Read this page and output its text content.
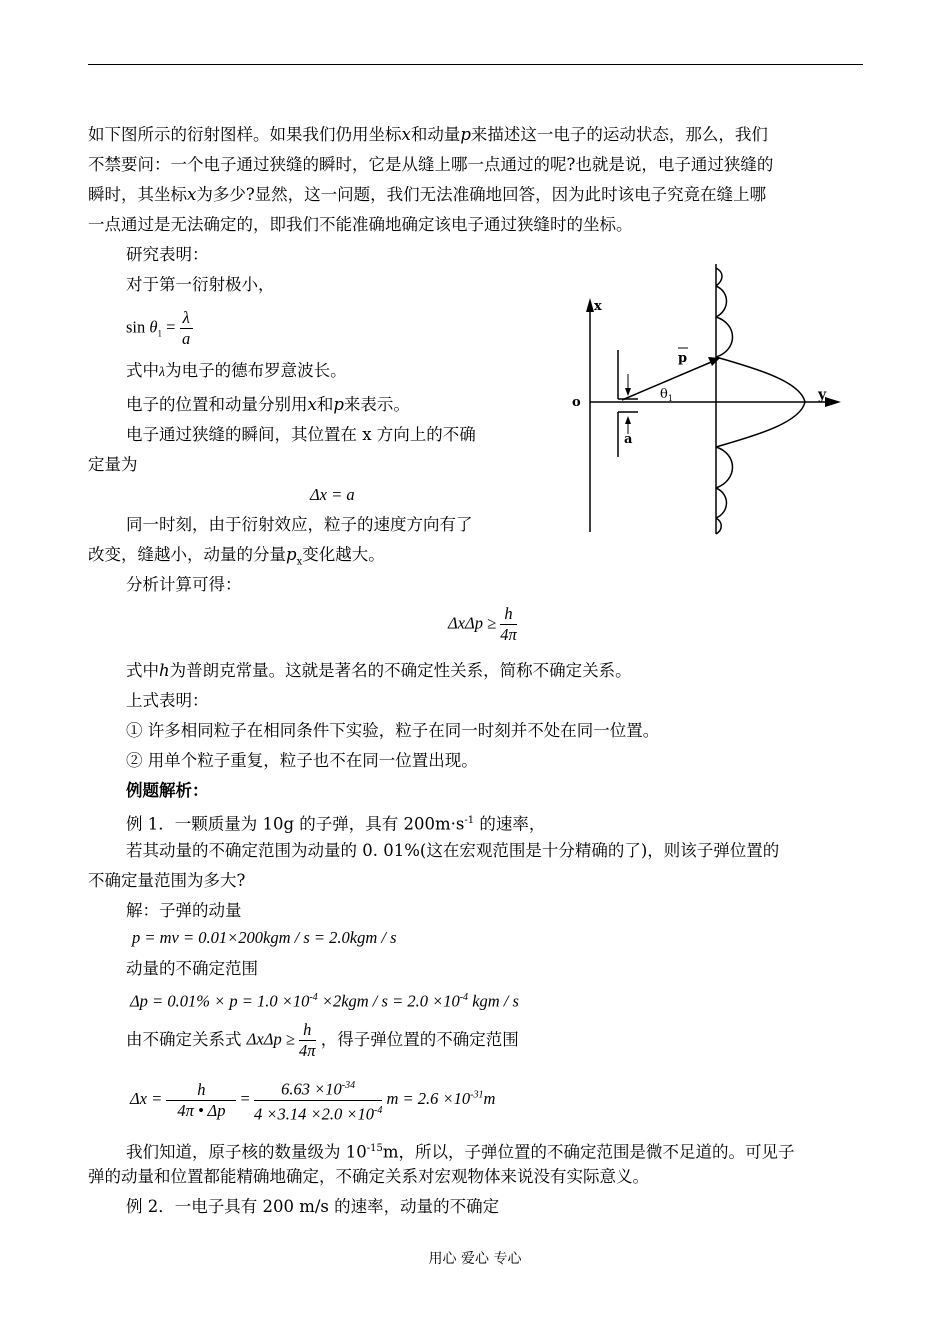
如下图所示的衍射图样。如果我们仍用坐标x和动量p来描述这一电子的运动状态，那么，我们
不禁要问：一个电子通过狭缝的瞬时，它是从缝上哪一点通过的呢?也就是说，电子通过狭缝的
瞬时，其坐标x为多少?显然，这一问题，我们无法准确地回答，因为此时该电子究竟在缝上哪
一点通过是无法确定的，即我们不能准确地确定该电子通过狭缝时的坐标。
研究表明：
对于第一衍射极小，
$\sin \theta_1 = \frac{\lambda}{a}$
式中λ为电子的德布罗意波长。
电子的位置和动量分别用x和p来表示。
电子通过狭缝的瞬间，其位置在 x 方向上的不确
定量为
Δx = a
同一时刻，由于衍射效应，粒子的速度方向有了
改变，缝越小，动量的分量$p_x$变化越大。
分析计算可得：
$\Delta x\Delta p \ge \frac{h}{4\pi}$
式中h为普朗克常量。这就是著名的不确定性关系，简称不确定关系。
上式表明：
① 许多相同粒子在相同条件下实验，粒子在同一时刻并不处在同一位置。
② 用单个粒子重复，粒子也不在同一位置出现。
例题解析：
例 1．一颗质量为 10g 的子弹，具有 $200m\cdot s^{-1}$ 的速率，
若其动量的不确定范围为动量的 0. 01%(这在宏观范围是十分精确的了)，则该子弹位置的
不确定量范围为多大?
解：子弹的动量
p = mv = 0.01×200kgm / s = 2.0kgm / s
动量的不确定范围
$\Delta p = 0.01\% \times p = 1.0 \times 10^{-4} \times 2kgm / s = 2.0 \times 10^{-4}$ kgm / s
由不确定关系式 $\Delta x\Delta p \ge \frac{h}{4\pi}$ ，得子弹位置的不确定范围
$\Delta x = \frac{h}{4\pi • \Delta p} = \frac{6.63 \times 10^{-34}}{4 \times 3.14 \times 2.0 \times 10^{-4}}$ $m = 2.6 \times 10^{-31}m$
我们知道，原子核的数量级为 $10^{-15}m$，所以，子弹位置的不确定范围是微不足道的。可见子
弹的动量和位置都能精确地确定，不确定关系对宏观物体来说没有实际意义。
例 2．一电子具有 200 m/s 的速率，动量的不确定
x
y
o
a
p
$\theta_1$
用心 爱心 专心
